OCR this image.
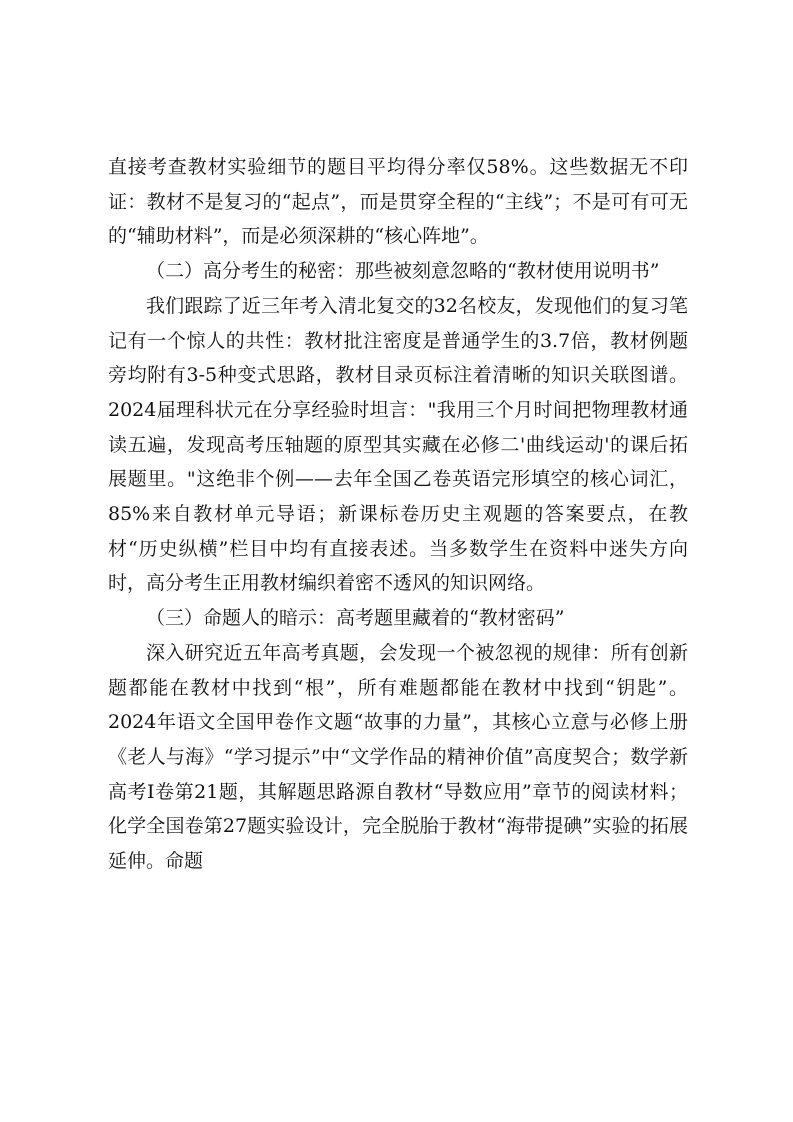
直接考查教材实验细节的题目平均得分率仅58%。这些数据无不印证：教材不是复习的“起点”，而是贯穿全程的“主线”；不是可有可无的“辅助材料”，而是必须深耕的“核心阵地”。

（二）高分考生的秘密：那些被刻意忽略的“教材使用说明书”

我们跟踪了近三年考入清北复交的32名校友，发现他们的复习笔记有一个惊人的共性：教材批注密度是普通学生的3.7倍，教材例题旁均附有3-5种变式思路，教材目录页标注着清晰的知识关联图谱。2024届理科状元在分享经验时坦言："我用三个月时间把物理教材通读五遍，发现高考压轴题的原型其实藏在必修二'曲线运动'的课后拓展题里。"这绝非个例——去年全国乙卷英语完形填空的核心词汇，85%来自教材单元导语；新课标卷历史主观题的答案要点，在教材“历史纵横”栏目中均有直接表述。当多数学生在资料中迷失方向时，高分考生正用教材编织着密不透风的知识网络。

（三）命题人的暗示：高考题里藏着的“教材密码”

深入研究近五年高考真题，会发现一个被忽视的规律：所有创新题都能在教材中找到“根”，所有难题都能在教材中找到“钥匙”。2024年语文全国甲卷作文题“故事的力量”，其核心立意与必修上册《老人与海》“学习提示”中“文学作品的精神价值”高度契合；数学新高考Ⅰ卷第21题，其解题思路源自教材“导数应用”章节的阅读材料；化学全国卷第27题实验设计，完全脱胎于教材“海带提碘”实验的拓展延伸。命题
